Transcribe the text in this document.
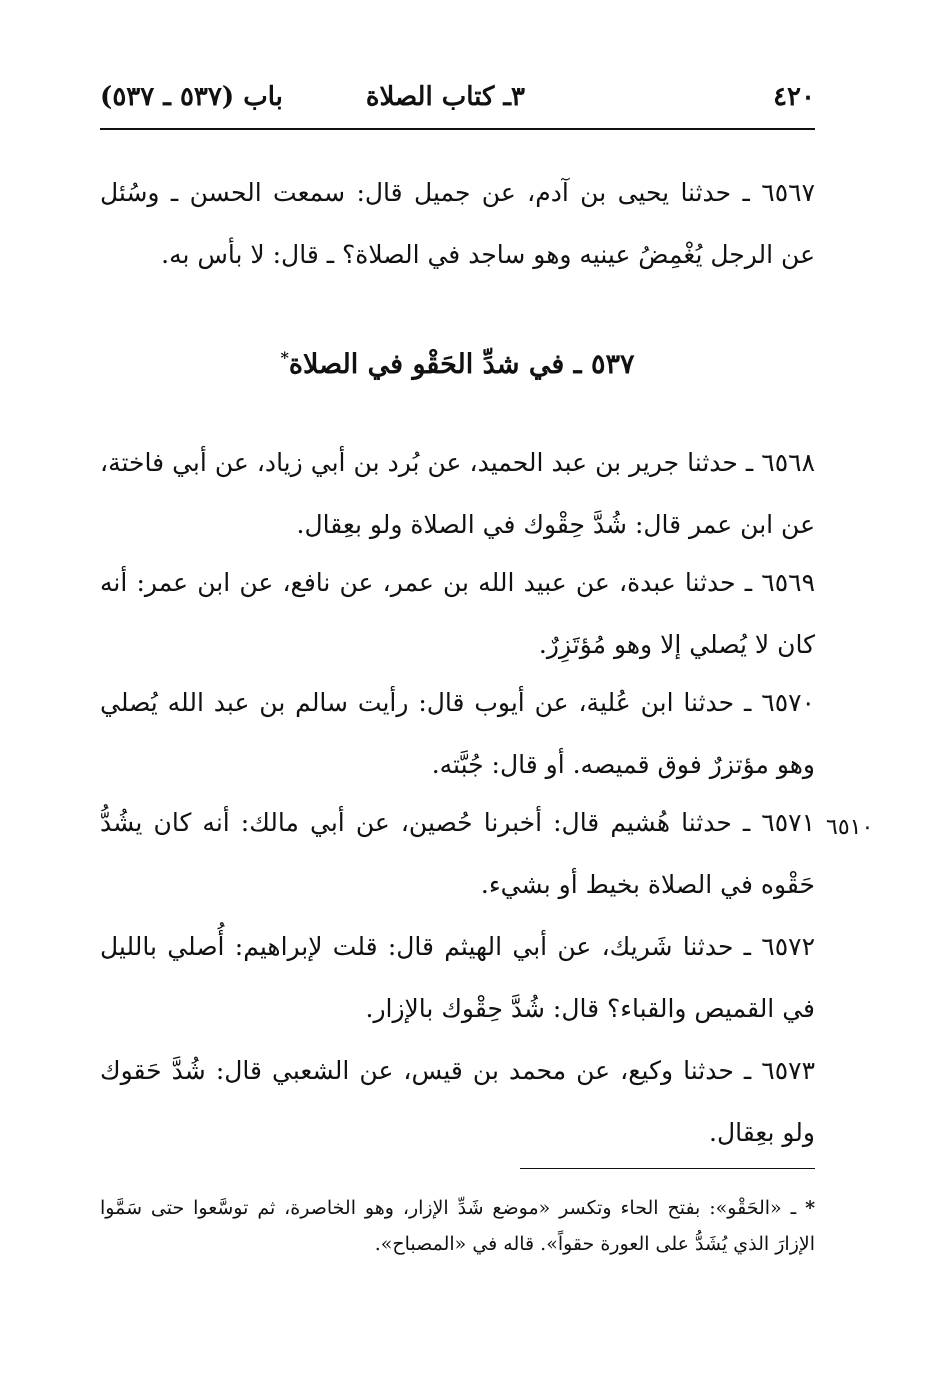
٤٢٠
٣ـ كتاب الصلاة
باب (٥٣٧ ـ ٥٣٧)
٦٥٦٧ ـ حدثنا يحيى بن آدم، عن جميل قال: سمعت الحسن ـ وسُئل عن الرجل يُغْمِضُ عينيه وهو ساجد في الصلاة؟ ـ قال: لا بأس به.
٥٣٧ ـ في شدِّ الحَقْو في الصلاة*
٦٥٦٨ ـ حدثنا جرير بن عبد الحميد، عن بُرد بن أبي زياد، عن أبي فاختة، عن ابن عمر قال: شُدَّ حِقْوك في الصلاة ولو بعِقال.
٦٥٦٩ ـ حدثنا عبدة، عن عبيد الله بن عمر، عن نافع، عن ابن عمر: أنه كان لا يُصلي إلا وهو مُؤتَزِرٌ.
٦٥٧٠ ـ حدثنا ابن عُلية، عن أيوب قال: رأيت سالم بن عبد الله يُصلي وهو مؤتزرٌ فوق قميصه. أو قال: جُبَّته.
٦٥١٠
٦٥٧١ ـ حدثنا هُشيم قال: أخبرنا حُصين، عن أبي مالك: أنه كان يشُدُّ حَقْوه في الصلاة بخيط أو بشيء.
٦٥٧٢ ـ حدثنا شَريك، عن أبي الهيثم قال: قلت لإبراهيم: أُصلي بالليل في القميص والقباء؟ قال: شُدَّ حِقْوك بالإزار.
٦٥٧٣ ـ حدثنا وكيع، عن محمد بن قيس، عن الشعبي قال: شُدَّ حَقوك ولو بعِقال.
* ـ «الحَقْو»: بفتح الحاء وتكسر «موضع شَدِّ الإزار، وهو الخاصرة، ثم توسَّعوا حتى سَمَّوا الإزارَ الذي يُشَدُّ على العورة حقواً». قاله في «المصباح».
